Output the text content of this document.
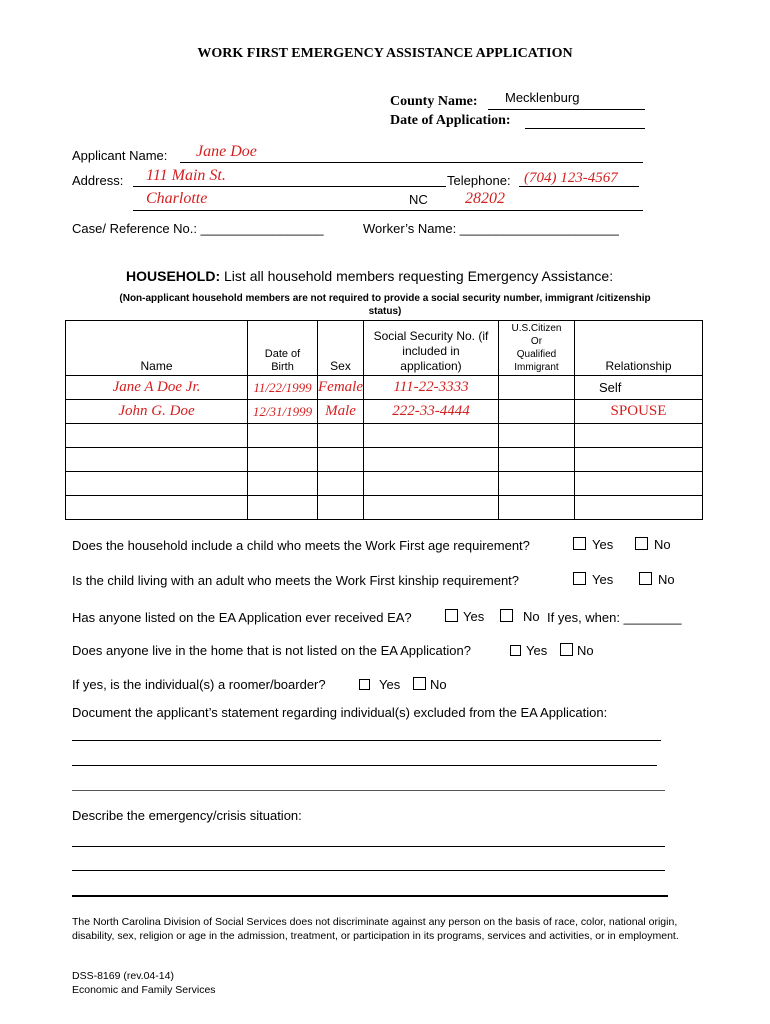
WORK FIRST EMERGENCY ASSISTANCE APPLICATION
County Name: Mecklenburg
Date of Application:
Applicant Name: Jane Doe
Address: 111 Main St.	Telephone: (704) 123-4567
Charlotte	NC 28202
Case/ Reference No.: _________________	Worker’s Name: ______________________
HOUSEHOLD: List all household members requesting Emergency Assistance:
(Non-applicant household members are not required to provide a social security number, immigrant /citizenship
status)
Name	Date of
Birth	Sex	Social Security No. (if
included in
application)	U.S.Citizen
Or
Qualified
Immigrant	Relationship
Jane A Doe Jr.	11/22/1999	Female	111-22-3333		Self
John G. Doe	12/31/1999	Male	222-33-4444		SPOUSE

Does the household include a child who meets the Work First age requirement?	Yes	No
Is the child living with an adult who meets the Work First kinship requirement?	Yes	No
Has anyone listed on the EA Application ever received EA?	Yes	No If yes, when: ________
Does anyone live in the home that is not listed on the EA Application?	Yes	No
If yes, is the individual(s) a roomer/boarder?	Yes	No
Document the applicant’s statement regarding individual(s) excluded from the EA Application:
Describe the emergency/crisis situation:
The North Carolina Division of Social Services does not discriminate against any person on the basis of race, color, national origin, disability, sex, religion or age in the admission, treatment, or participation in its programs, services and activities, or in employment.
DSS-8169 (rev.04-14)
Economic and Family Services
